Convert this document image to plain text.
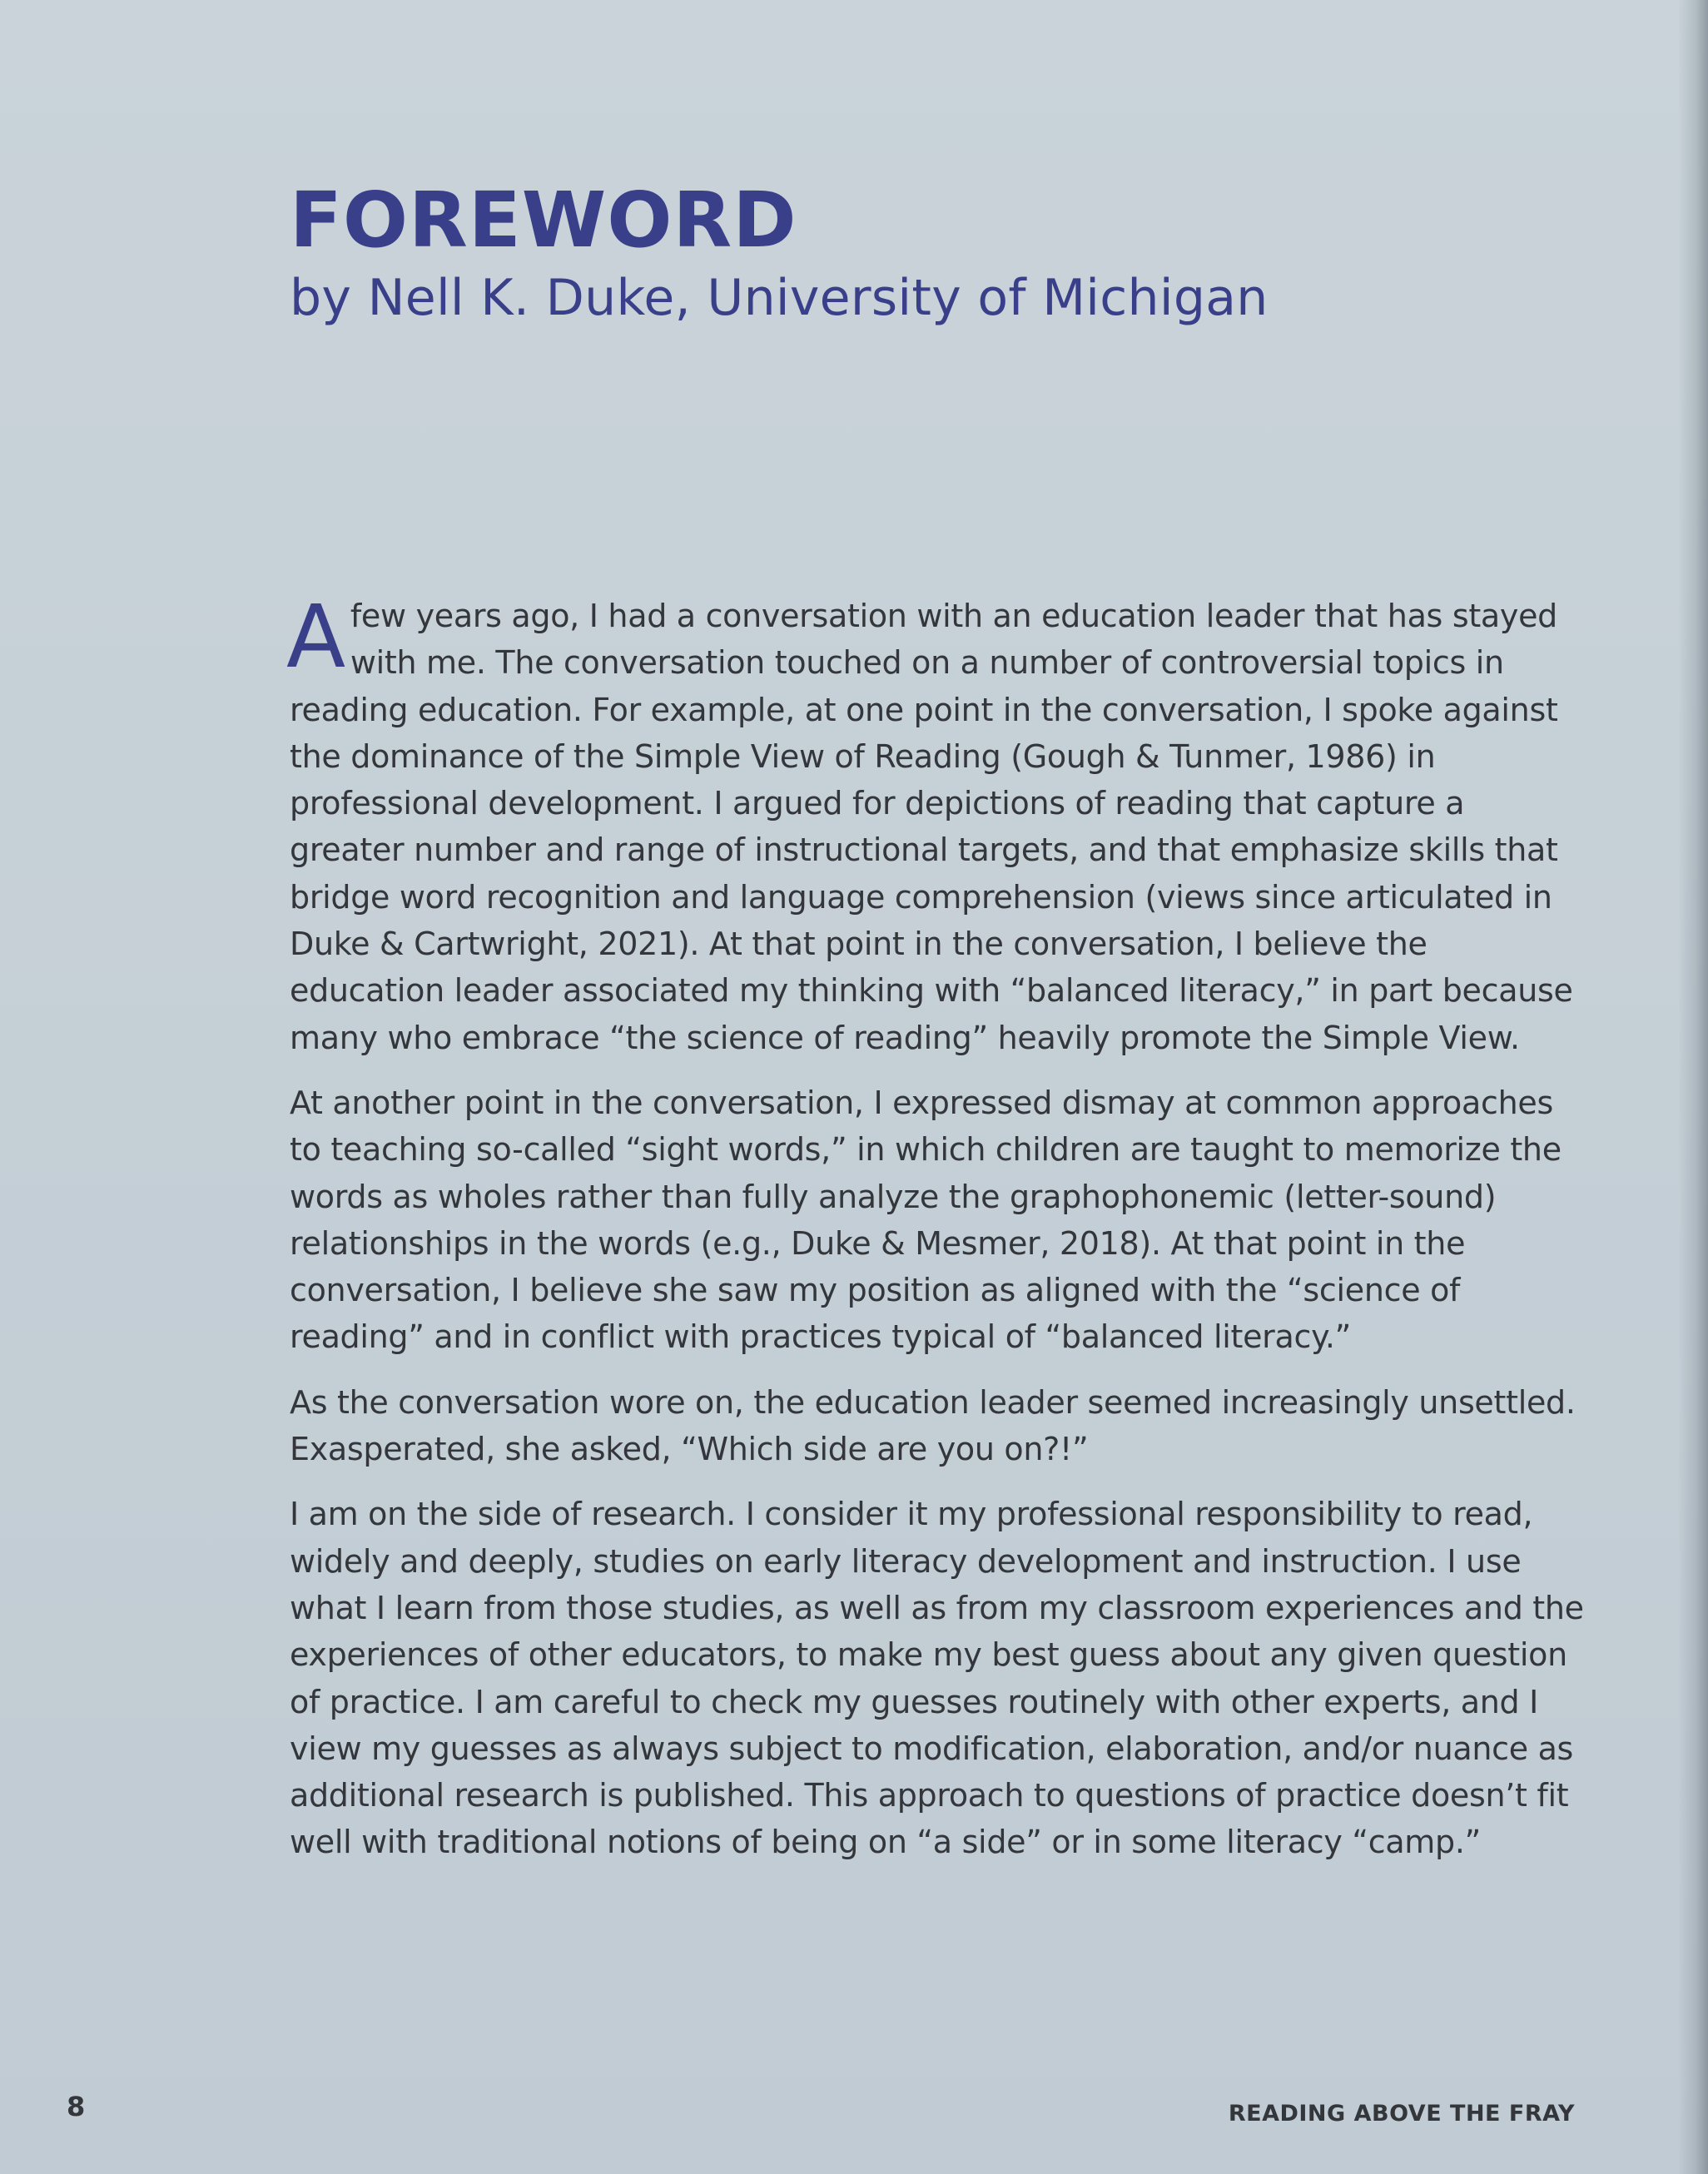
FOREWORD

by Nell K. Duke, University of Michigan

A few years ago, I had a conversation with an education leader that has stayed with me. The conversation touched on a number of controversial topics in reading education. For example, at one point in the conversation, I spoke against the dominance of the Simple View of Reading (Gough & Tunmer, 1986) in professional development. I argued for depictions of reading that capture a greater number and range of instructional targets, and that emphasize skills that bridge word recognition and language comprehension (views since articulated in Duke & Cartwright, 2021). At that point in the conversation, I believe the education leader associated my thinking with “balanced literacy,” in part because many who embrace “the science of reading” heavily promote the Simple View.

At another point in the conversation, I expressed dismay at common approaches to teaching so-called “sight words,” in which children are taught to memorize the words as wholes rather than fully analyze the graphophonemic (letter-sound) relationships in the words (e.g., Duke & Mesmer, 2018). At that point in the conversation, I believe she saw my position as aligned with the “science of reading” and in conflict with practices typical of “balanced literacy.”

As the conversation wore on, the education leader seemed increasingly unsettled. Exasperated, she asked, “Which side are you on?!”

I am on the side of research. I consider it my professional responsibility to read, widely and deeply, studies on early literacy development and instruction. I use what I learn from those studies, as well as from my classroom experiences and the experiences of other educators, to make my best guess about any given question of practice. I am careful to check my guesses routinely with other experts, and I view my guesses as always subject to modification, elaboration, and/or nuance as additional research is published. This approach to questions of practice doesn’t fit well with traditional notions of being on “a side” or in some literacy “camp.”

8	READING ABOVE THE FRAY
